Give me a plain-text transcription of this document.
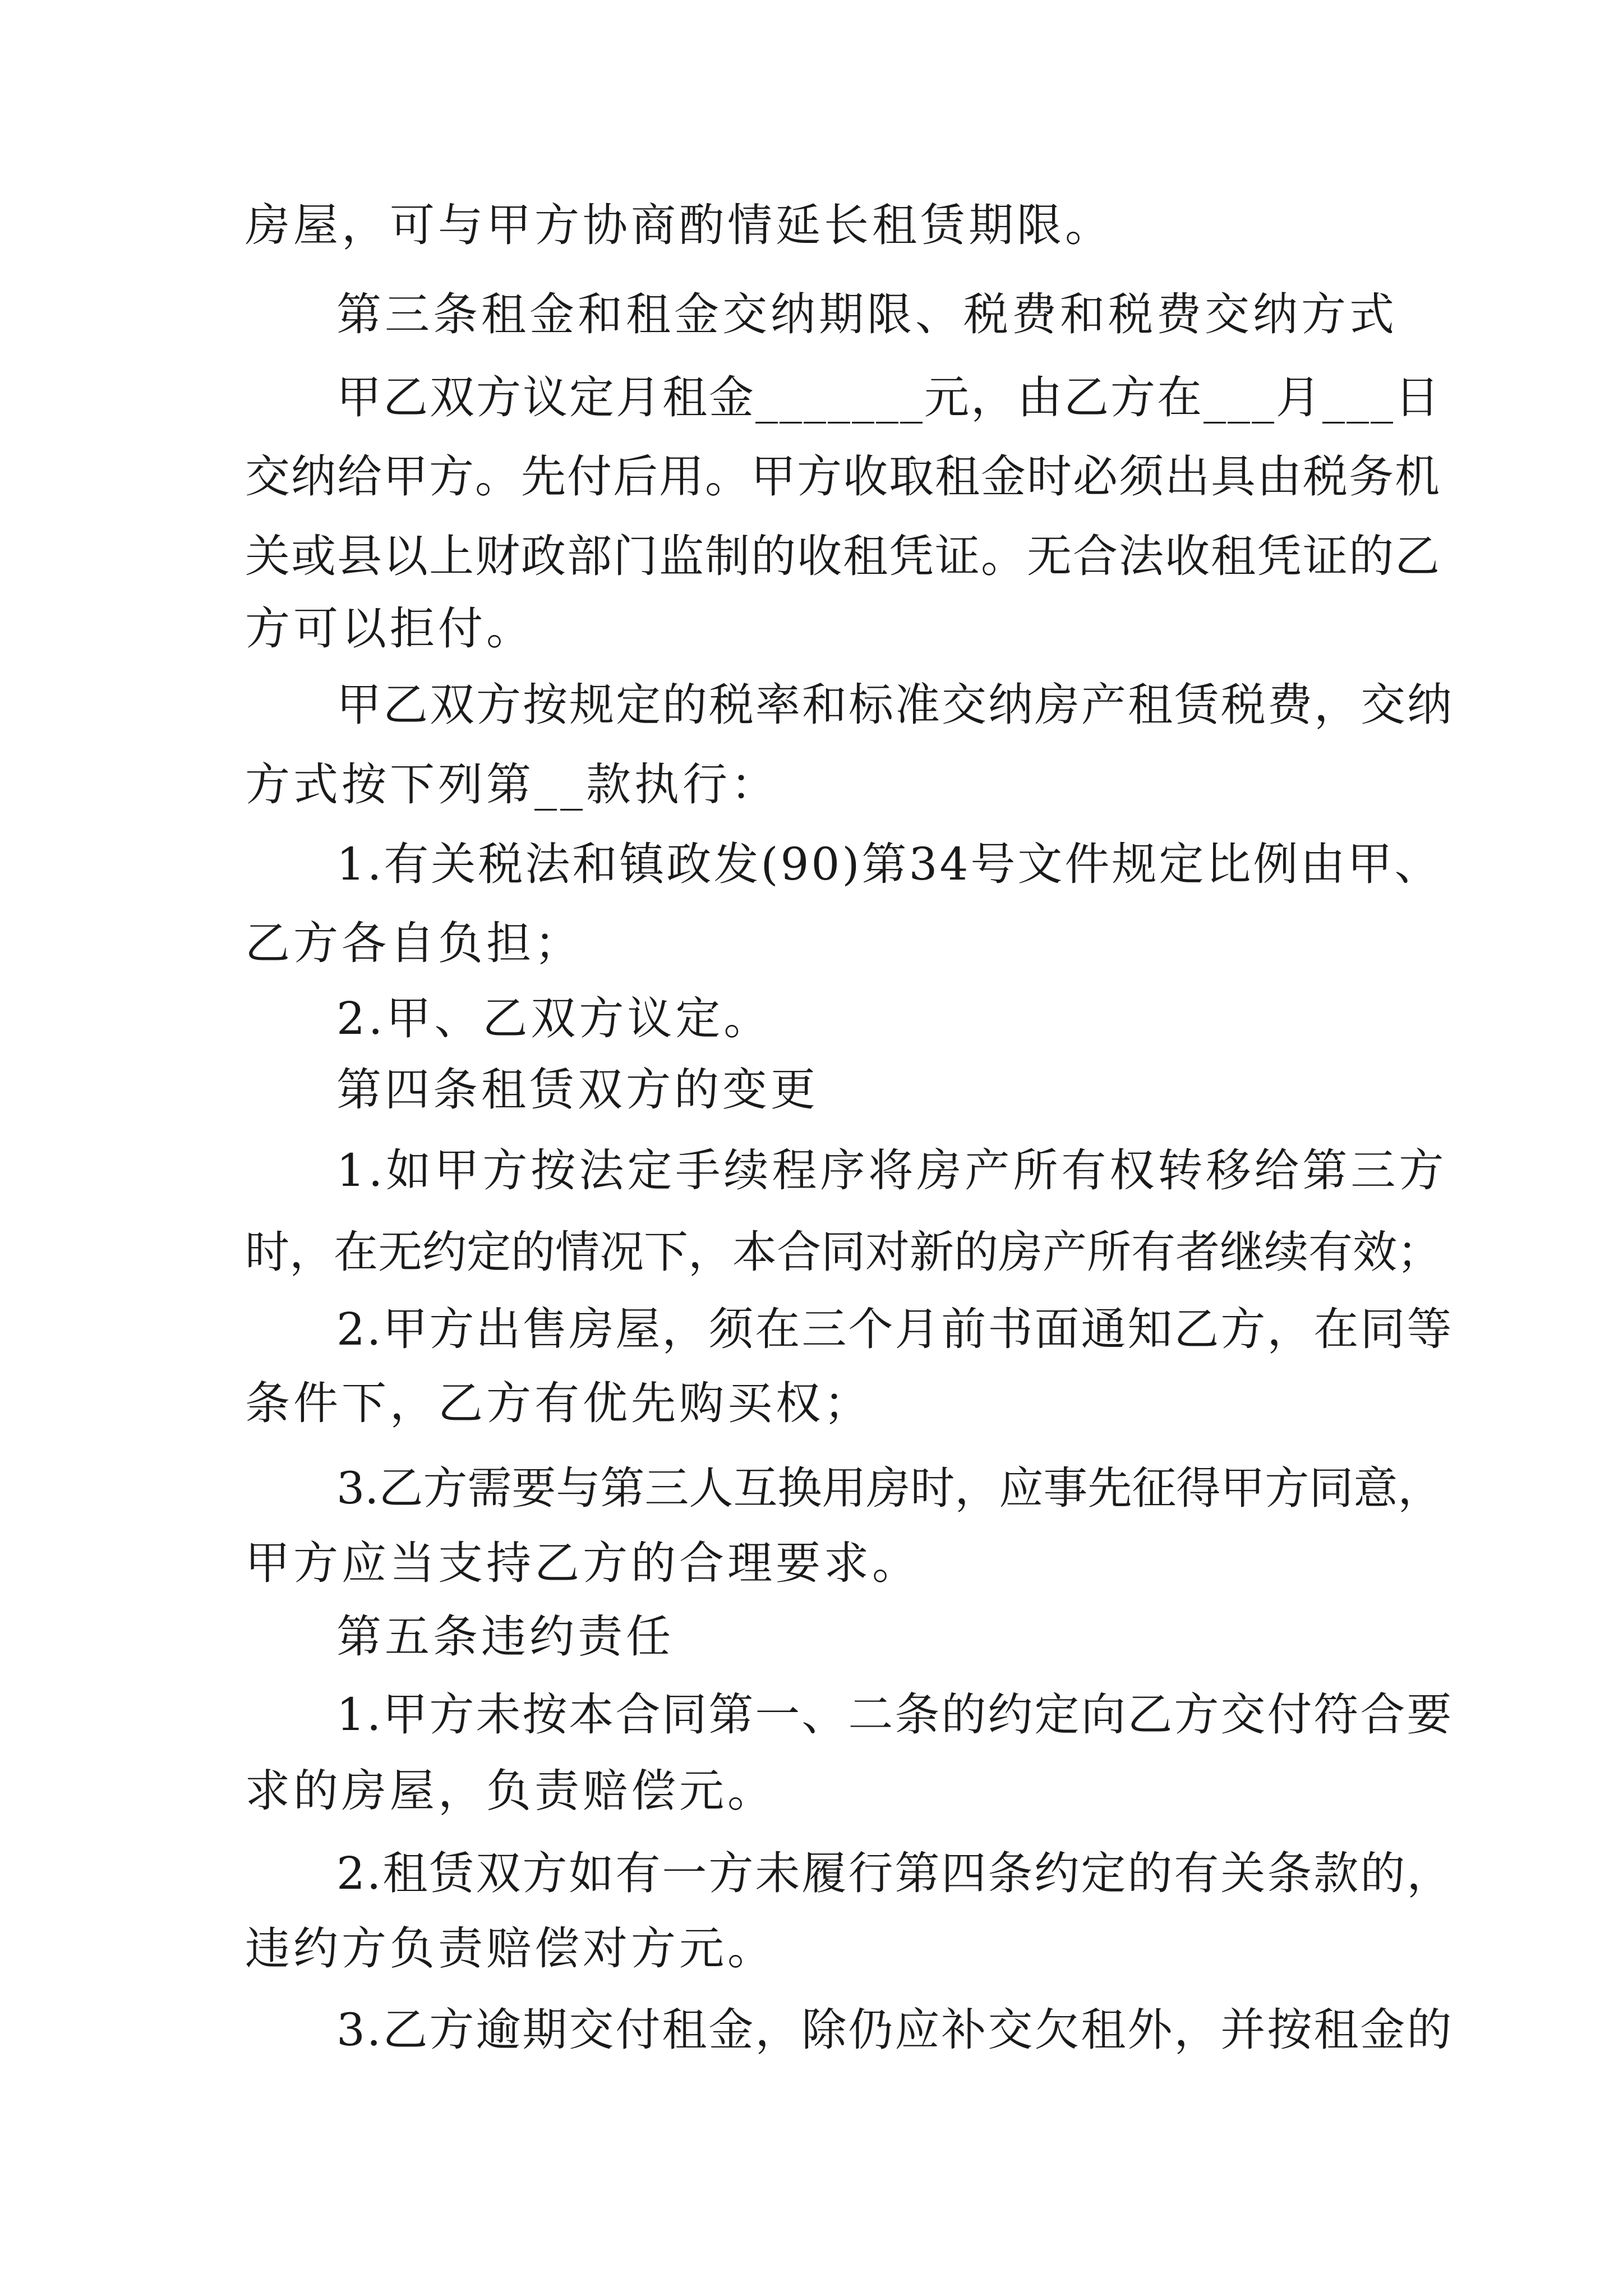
房屋，可与甲方协商酌情延长租赁期限。
第三条租金和租金交纳期限、税费和税费交纳方式
甲乙双方议定月租金_______元，由乙方在___月___日
交纳给甲方。先付后用。甲方收取租金时必须出具由税务机
关或县以上财政部门监制的收租凭证。无合法收租凭证的乙
方可以拒付。
甲乙双方按规定的税率和标准交纳房产租赁税费，交纳
方式按下列第__款执行：
1.有关税法和镇政发(90)第34号文件规定比例由甲、
乙方各自负担；
2.甲、乙双方议定。
第四条租赁双方的变更
1.如甲方按法定手续程序将房产所有权转移给第三方
时，在无约定的情况下，本合同对新的房产所有者继续有效；
2.甲方出售房屋，须在三个月前书面通知乙方，在同等
条件下，乙方有优先购买权；
3.乙方需要与第三人互换用房时，应事先征得甲方同意，
甲方应当支持乙方的合理要求。
第五条违约责任
1.甲方未按本合同第一、二条的约定向乙方交付符合要
求的房屋，负责赔偿元。
2.租赁双方如有一方未履行第四条约定的有关条款的，
违约方负责赔偿对方元。
3.乙方逾期交付租金，除仍应补交欠租外，并按租金的
